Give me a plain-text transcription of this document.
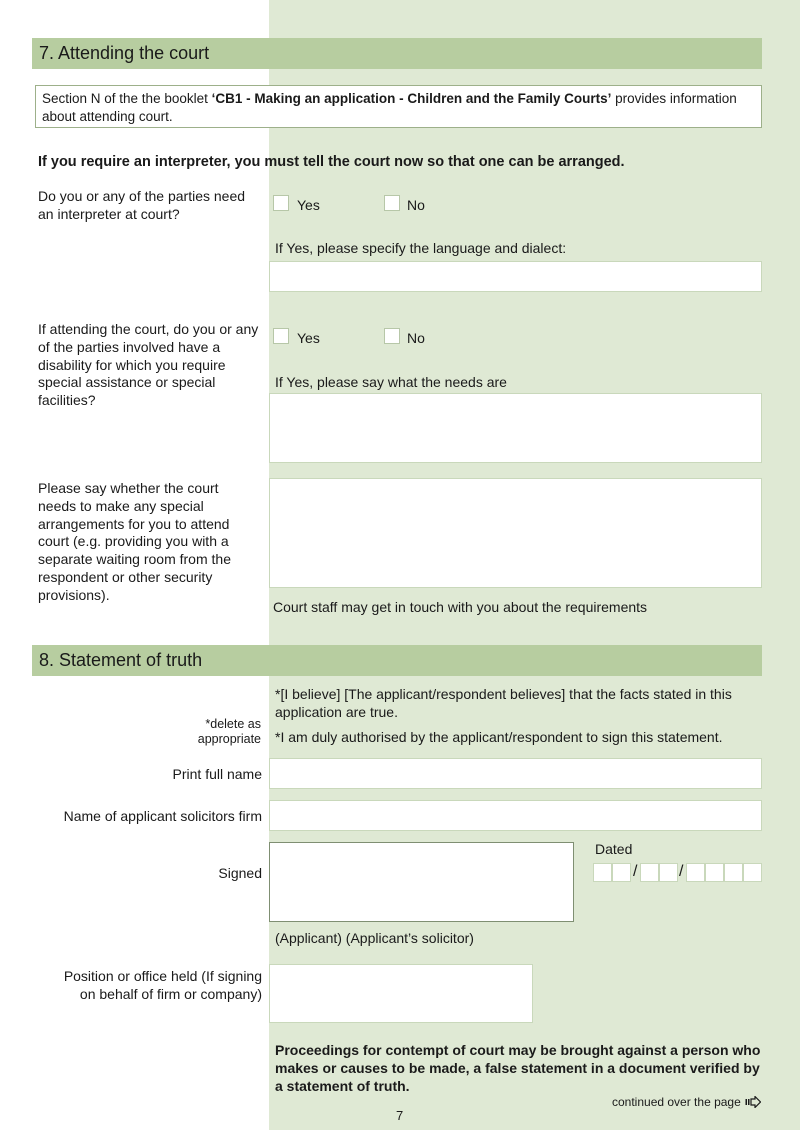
7. Attending the court
Section N of the the booklet ‘CB1 - Making an application - Children and the Family Courts’ provides information about attending court.
If you require an interpreter, you must tell the court now so that one can be arranged.
Do you or any of the parties need an interpreter at court?
Yes	No
If Yes, please specify the language and dialect:
If attending the court, do you or any of the parties involved have a disability for which you require special assistance or special facilities?
Yes	No
If Yes, please say what the needs are
Please say whether the court needs to make any special arrangements for you to attend court (e.g. providing you with a separate waiting room from the respondent or other security provisions).
Court staff may get in touch with you about the requirements
8. Statement of truth
*delete as appropriate
*[I believe] [The applicant/respondent believes] that the facts stated in this application are true.
*I am duly authorised by the applicant/respondent to sign this statement.
Print full name
Name of applicant solicitors firm
Signed
Dated
/	/
(Applicant) (Applicant’s solicitor)
Position or office held (If signing on behalf of firm or company)
Proceedings for contempt of court may be brought against a person who makes or causes to be made, a false statement in a document verified by a statement of truth.
7
continued over the page
